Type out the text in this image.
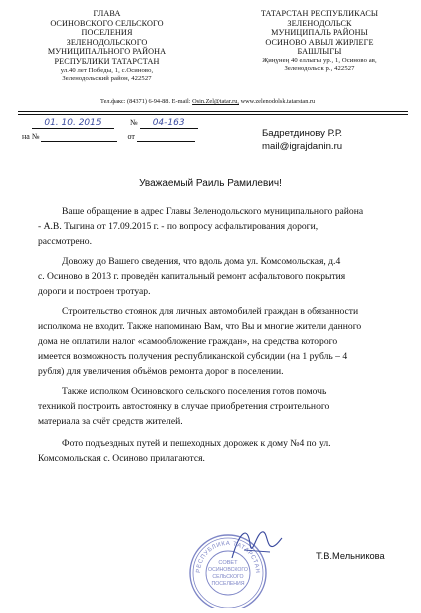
ГЛАВА
ОСИНОВСКОГО СЕЛЬСКОГО
ПОСЕЛЕНИЯ
ЗЕЛЕНОДОЛЬСКОГО
МУНИЦИПАЛЬНОГО РАЙОНА
РЕСПУБЛИКИ ТАТАРСТАН
ул.40 лет Победы, 1, с.Осиново,
Зеленодольский район, 422527
ТАТАРСТАН РЕСПУБЛИКАСЫ
ЗЕЛЕНОДОЛЬСК
МУНИЦИПАЛЬ РАЙОНЫ
ОСИНОВО АВЫЛ ЖИРЛЕГЕ
БАШЛЫГЫ
Җиңүнең 40 еллыгы ур., 1, Осиново ав,
Зеленодольск р., 422527
Тел.факс: (84371) 6-94-88. E-mail: Osin.Zel@tatar.ru, www.zelenodolsk.tatarstan.ru
01. 10. 2015	№ 04-163
на №	от	Бадретдинову Р.Р.
mail@igrajdanin.ru
Уважаемый Раиль Рамилевич!
Ваше обращение в адрес Главы Зеленодольского муниципального района
- А.В. Тыгина от 17.09.2015 г. - по вопросу асфальтирования дороги,
рассмотрено.
Довожу до Вашего сведения, что вдоль дома ул. Комсомольская, д.4
с. Осиново в 2013 г. проведён капитальный ремонт асфальтового покрытия
дороги и построен тротуар.
Строительство стоянок для личных автомобилей граждан в обязанности
исполкома не входит. Также напоминаю Вам, что Вы и многие жители данного
дома не оплатили налог «самообложение граждан», на средства которого
имеется возможность получения республиканской субсидии (на 1 рубль – 4
рубля) для увеличения объёмов ремонта дорог в поселении.
Также исполком Осиновского сельского поселения готов помочь
техникой построить автостоянку в случае приобретения строительного
материала за счёт средств жителей.
Фото подъездных путей и пешеходных дорожек к дому №4 по ул.
Комсомольская с. Осиново прилагаются.
РЕСПУБЛИКА ТАТАРСТАН
СОВЕТ
ОСИНОВСКОГО
СЕЛЬСКОГО
ПОСЕЛЕНИЯ
Т.В.Мельникова
